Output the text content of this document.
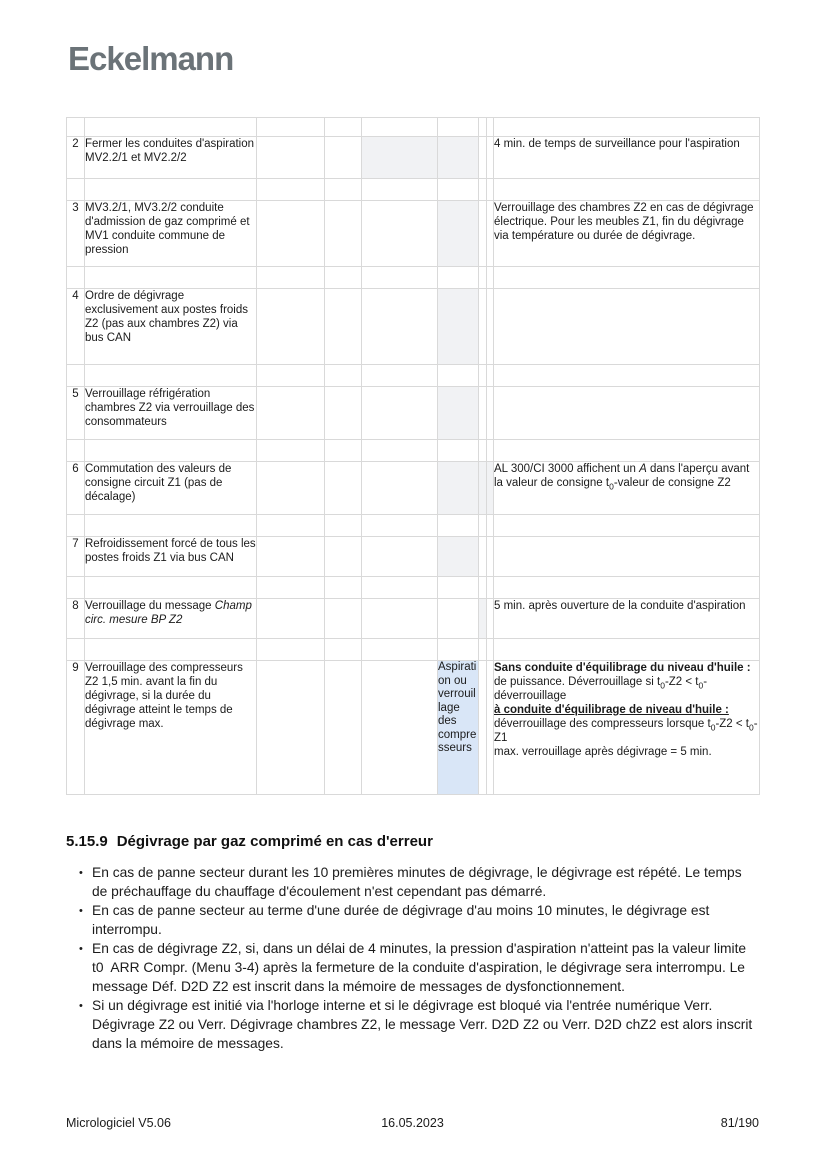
Eckelmann

2	Fermer les conduites d'aspiration MV2.2/1 et MV2.2/2							4 min. de temps de surveillance pour l'aspiration

3	MV3.2/1, MV3.2/2 conduite d'admission de gaz comprimé et MV1 conduite commune de pression							Verrouillage des chambres Z2 en cas de dégivrage électrique. Pour les meubles Z1, fin du dégivrage via température ou durée de dégivrage.

4	Ordre de dégivrage exclusivement aux postes froids Z2 (pas aux chambres Z2) via bus CAN							

5	Verrouillage réfrigération chambres Z2 via verrouillage des consommateurs							

6	Commutation des valeurs de consigne circuit Z1 (pas de décalage)							AL 300/CI 3000 affichent un A dans l'aperçu avant la valeur de consigne $t_0$-valeur de consigne Z2

7	Refroidissement forcé de tous les postes froids Z1 via bus CAN							

8	Verrouillage du message Champ circ. mesure BP Z2							5 min. après ouverture de la conduite d'aspiration

9	Verrouillage des compresseurs Z2 1,5 min. avant la fin du dégivrage, si la durée du dégivrage atteint le temps de dégivrage max.				Aspiration ou verrouillage des compresseurs			Sans conduite d'équilibrage du niveau d'huile :
de puissance. Déverrouillage si $t_0-Z2$ < $t_0$-déverrouillage
à conduite d'équilibrage de niveau d'huile :
déverrouillage des compresseurs lorsque $t_0-Z2 < t_0-Z1$
max. verrouillage après dégivrage = 5 min.
5.15.9 Dégivrage par gaz comprimé en cas d'erreur
• En cas de panne secteur durant les 10 premières minutes de dégivrage, le dégivrage est répété. Le temps de préchauffage du chauffage d'écoulement n'est cependant pas démarré.
• En cas de panne secteur au terme d'une durée de dégivrage d'au moins 10 minutes, le dégivrage est interrompu.
• En cas de dégivrage Z2, si, dans un délai de 4 minutes, la pression d'aspiration n'atteint pas la valeur limite t0  ARR Compr. (Menu 3-4) après la fermeture de la conduite d'aspiration, le dégivrage sera interrompu. Le message Déf. D2D Z2 est inscrit dans la mémoire de messages de dysfonctionnement.
• Si un dégivrage est initié via l'horloge interne et si le dégivrage est bloqué via l'entrée numérique Verr. Dégivrage Z2 ou Verr. Dégivrage chambres Z2, le message Verr. D2D Z2 ou Verr. D2D chZ2 est alors inscrit dans la mémoire de messages.
Micrologiciel V5.06	16.05.2023	81/190
